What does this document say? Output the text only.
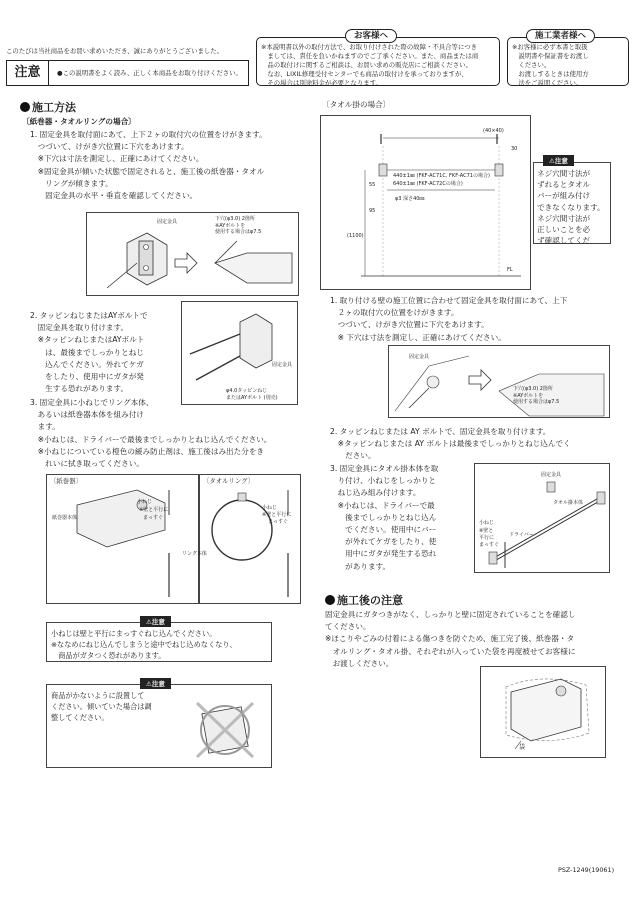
このたびは当社商品をお買い求めいただき、誠にありがとうございました。
注意	●この説明書をよく読み、正しく本商品をお取り付けください。
※本説明書以外の取付方法で、お取り付けされた際の故障・不具合等につき
　ましては、責任を負いかねますのでご了承ください。また、商品または商
　品の取付けに関するご相談は、お買い求めの販売店にご相談ください。
　なお、LIXIL修理受付センターでも商品の取付けを承っておりますが、
　その場合は別途料金が必要となります。
お客様へ
※お客様に必ず本書と取扱
　説明書や保証書をお渡し
　ください。
　お渡しするときは使用方
　法をご説明ください。
施工業者様へ
施工方法
〔紙巻器・タオルリングの場合〕
1. 固定金具を取付面にあて、上下２ヶの取付穴の位置をけがきます。
　つづいて、けがき穴位置に下穴をあけます。
　※下穴は寸法を測定し、正確にあけてください。
　※固定金具が傾いた状態で固定されると、施工後の紙巻器・タオル
　　リングが傾きます。
　　固定金具の水平・垂直を確認してください。
固定金具	下穴(φ3.0) 2箇所
※AYボルトを
使用する場合はφ7.5
2. タッピンねじまたはAYボルトで
　固定金具を取り付けます。
　※タッピンねじまたはAYボルト
　　は、最後までしっかりとねじ
　　込んでください。外れてケガ
　　をしたり、使用中にガタが発
　　生する恐れがあります。
固定金具
φ4.0タッピンねじ
またはAYボルト (別売)
3. 固定金具に小ねじでリング本体、
　あるいは紙巻器本体を組み付け
　ます。
　※小ねじは、ドライバーで最後までしっかりとねじ込んでください。
　※小ねじについている橙色の緩み防止剤は、施工後はみ出た分をき
　　れいに拭き取ってください。
〔紙巻器〕
紙巻器本体
小ねじ
※壁と平行に
まっすぐ
〔タオルリング〕
リング本体
小ねじ
※壁と平行に
まっすぐ
小ねじは壁と平行にまっすぐねじ込んでください。
※ななめにねじ込んでしまうと途中でねじ込めなくなり、
　商品がガタつく恐れがあります。
⚠注意
商品がかないように設置して
ください。傾いていた場合は調
整してください。
⚠注意
〔タオル掛の場合〕
(40×40)
30
440±1㎜ (FKF-AC71C, FKF-AC71の場合)
640±1㎜ (FKF-AC72Cの場合)
φ3 深さ40㎜
55
95
(1100)
FL
ネジ穴間寸法が
ずれるとタオル
バーが組み付け
できなくなります。
ネジ穴間寸法が
正しいことを必
ず確認してくだ
⚠注意
1. 取り付ける壁の施工位置に合わせて固定金具を取付面にあて、上下
　２ヶの取付穴の位置をけがきます。
　つづいて、けがき穴位置に下穴をあけます。
　※ 下穴は寸法を測定し、正確にあけてください。
固定金具
下穴(φ3.0) 2箇所
※AYボルトを
使用する場合はφ7.5
2. タッピンねじまたは AY ボルトで、固定金具を取り付けます。
　※タッピンねじまたは AY ボルトは最後までしっかりとねじ込んでく
　　ださい。
3. 固定金具にタオル掛本体を取
　り付け、小ねじをしっかりと
　ねじ込み組み付けます。
　※小ねじは、ドライバーで最
　　後までしっかりとねじ込ん
　　でください。使用中にバー
　　が外れてケガをしたり、使
　　用中にガタが発生する恐れ
　　があります。
固定金具
タオル掛本体
小ねじ
ドライバー
※壁と
平行に
まっすぐ
施工後の注意
固定金具にガタつきがなく、しっかりと壁に固定されていることを確認し
てください。
※ほこりやごみの付着による傷つきを防ぐため、施工完了後、紙巻器・タ
　オルリング・タオル掛、それぞれが入っていた袋を再度被せてお客様に
　お渡しください。
袋
PSZ-1249(19061)
